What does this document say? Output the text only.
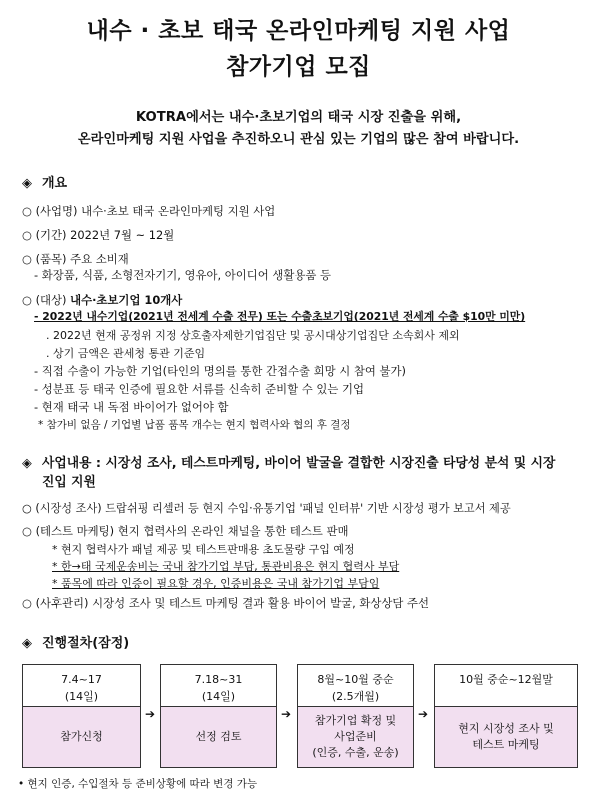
내수 · 초보 태국 온라인마케팅 지원 사업
참가기업 모집
KOTRA에서는 내수·초보기업의 태국 시장 진출을 위해,
온라인마케팅 지원 사업을 추진하오니 관심 있는 기업의 많은 참여 바랍니다.
◈ 개요
○ (사업명) 내수·초보 태국 온라인마케팅 지원 사업
○ (기간) 2022년 7월 ~ 12월
○ (품목) 주요 소비재
- 화장품, 식품, 소형전자기기, 영유아, 아이디어 생활용품 등
○ (대상) 내수·초보기업 10개사
- 2022년 내수기업(2021년 전세계 수출 전무) 또는 수출초보기업(2021년 전세계 수출 $10만 미만)
. 2022년 현재 공정위 지정 상호출자제한기업집단 및 공시대상기업집단 소속회사 제외
. 상기 금액은 관세청 통관 기준임
- 직접 수출이 가능한 기업(타인의 명의를 통한 간접수출 희망 시 참여 불가)
- 성분표 등 태국 인증에 필요한 서류를 신속히 준비할 수 있는 기업
- 현재 태국 내 독점 바이어가 없어야 함
* 참가비 없음 / 기업별 납품 품목 개수는 현지 협력사와 협의 후 결정
◈ 사업내용 : 시장성 조사, 테스트마케팅, 바이어 발굴을 결합한 시장진출 타당성 분석 및 시장
진입 지원
○ (시장성 조사) 드랍쉬핑 리셀러 등 현지 수입·유통기업 '패널 인터뷰' 기반 시장성 평가 보고서 제공
○ (테스트 마케팅) 현지 협력사의 온라인 채널을 통한 테스트 판매
* 현지 협력사가 패널 제공 및 테스트판매용 초도물량 구입 예정
* 한→태 국제운송비는 국내 참가기업 부담, 통관비용은 현지 협력사 부담
* 품목에 따라 인증이 필요할 경우, 인증비용은 국내 참가기업 부담임
○ (사후관리) 시장성 조사 및 테스트 마케팅 결과 활용 바이어 발굴, 화상상담 주선
◈ 진행절차(잠정)
7.4~17
(14일)
참가신청
➔
7.18~31
(14일)
선정 검토
➔
8월~10월 중순
(2.5개월)
참가기업 확정 및
사업준비
(인증, 수출, 운송)
➔
10월 중순~12월말
현지 시장성 조사 및
테스트 마케팅
• 현지 인증, 수입절차 등 준비상황에 따라 변경 가능
